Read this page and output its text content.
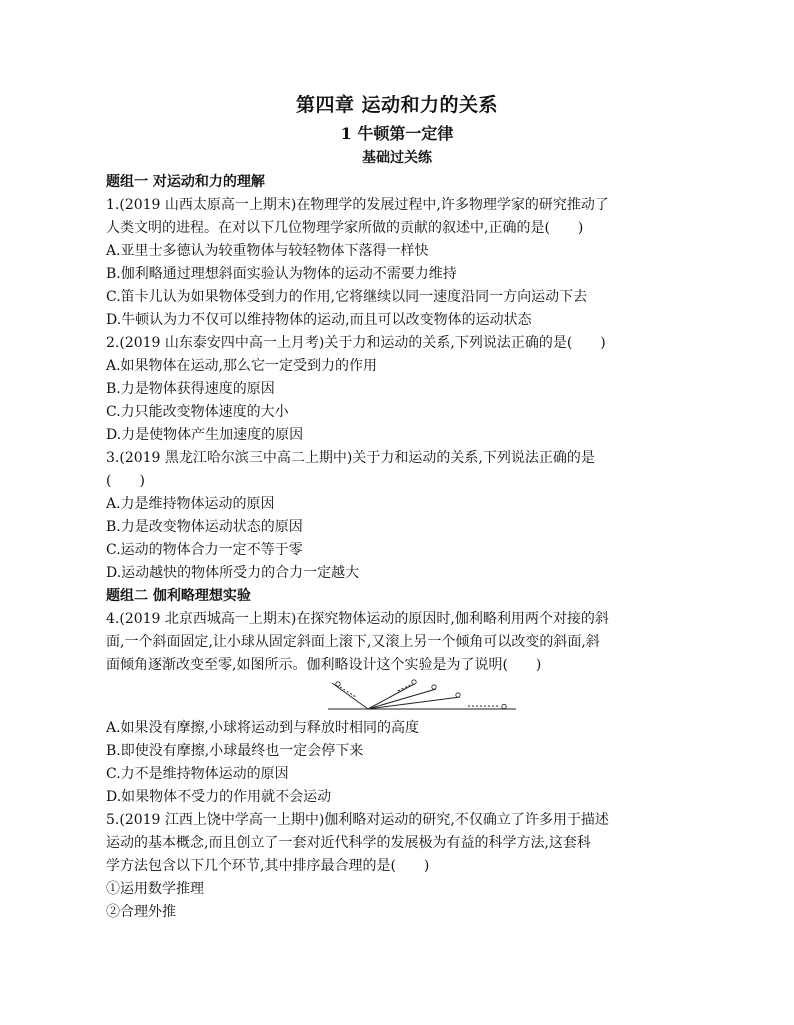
第四章 运动和力的关系
1 牛顿第一定律
基础过关练
题组一 对运动和力的理解
1.(2019 山西太原高一上期末)在物理学的发展过程中,许多物理学家的研究推动了
人类文明的进程。在对以下几位物理学家所做的贡献的叙述中,正确的是(　　)
A.亚里士多德认为较重物体与较轻物体下落得一样快
B.伽利略通过理想斜面实验认为物体的运动不需要力维持
C.笛卡儿认为如果物体受到力的作用,它将继续以同一速度沿同一方向运动下去
D.牛顿认为力不仅可以维持物体的运动,而且可以改变物体的运动状态
2.(2019 山东泰安四中高一上月考)关于力和运动的关系,下列说法正确的是(　　)
A.如果物体在运动,那么它一定受到力的作用
B.力是物体获得速度的原因
C.力只能改变物体速度的大小
D.力是使物体产生加速度的原因
3.(2019 黑龙江哈尔滨三中高二上期中)关于力和运动的关系,下列说法正确的是
(　　)
A.力是维持物体运动的原因
B.力是改变物体运动状态的原因
C.运动的物体合力一定不等于零
D.运动越快的物体所受力的合力一定越大
题组二 伽利略理想实验
4.(2019 北京西城高一上期末)在探究物体运动的原因时,伽利略利用两个对接的斜
面,一个斜面固定,让小球从固定斜面上滚下,又滚上另一个倾角可以改变的斜面,斜
面倾角逐渐改变至零,如图所示。伽利略设计这个实验是为了说明(　　)
A.如果没有摩擦,小球将运动到与释放时相同的高度
B.即使没有摩擦,小球最终也一定会停下来
C.力不是维持物体运动的原因
D.如果物体不受力的作用就不会运动
5.(2019 江西上饶中学高一上期中)伽利略对运动的研究,不仅确立了许多用于描述
运动的基本概念,而且创立了一套对近代科学的发展极为有益的科学方法,这套科
学方法包含以下几个环节,其中排序最合理的是(　　)
①运用数学推理
②合理外推
